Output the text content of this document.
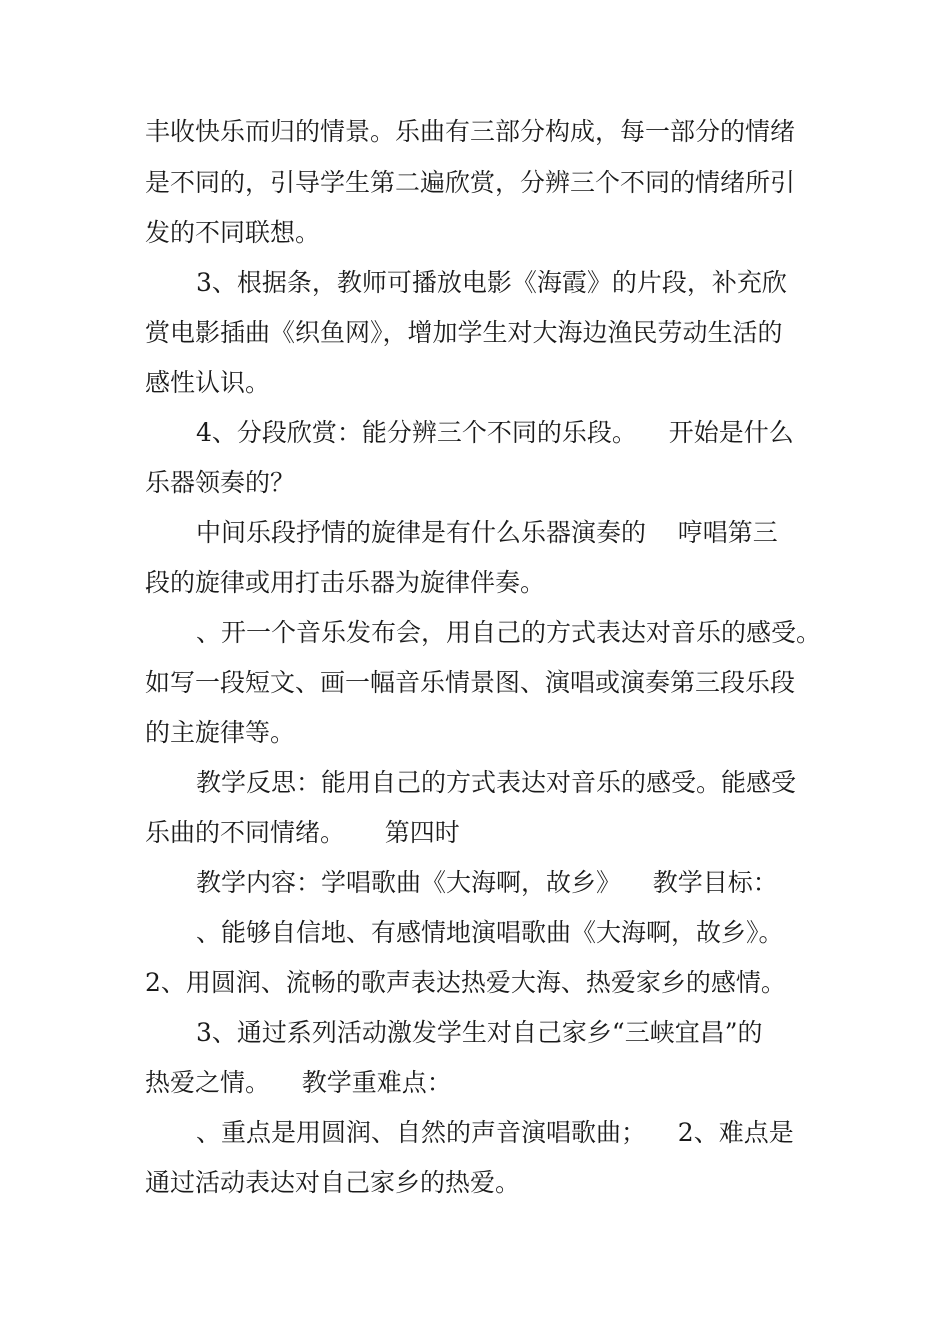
丰收快乐而归的情景。乐曲有三部分构成，每一部分的情绪
是不同的，引导学生第二遍欣赏，分辨三个不同的情绪所引
发的不同联想。
3、根据条，教师可播放电影《海霞》的片段，补充欣
赏电影插曲《织鱼网》，增加学生对大海边渔民劳动生活的
感性认识。
4、分段欣赏：能分辨三个不同的乐段。    开始是什么
乐器领奏的？
中间乐段抒情的旋律是有什么乐器演奏的    哼唱第三
段的旋律或用打击乐器为旋律伴奏。
、开一个音乐发布会，用自己的方式表达对音乐的感受。
如写一段短文、画一幅音乐情景图、演唱或演奏第三段乐段
的主旋律等。
教学反思：能用自己的方式表达对音乐的感受。能感受
乐曲的不同情绪。     第四时
教学内容：学唱歌曲《大海啊，故乡》    教学目标：
、能够自信地、有感情地演唱歌曲《大海啊，故乡》。
2、用圆润、流畅的歌声表达热爱大海、热爱家乡的感情。
3、通过系列活动激发学生对自己家乡“三峡宜昌”的
热爱之情。    教学重难点：
、重点是用圆润、自然的声音演唱歌曲；    2、难点是
通过活动表达对自己家乡的热爱。
